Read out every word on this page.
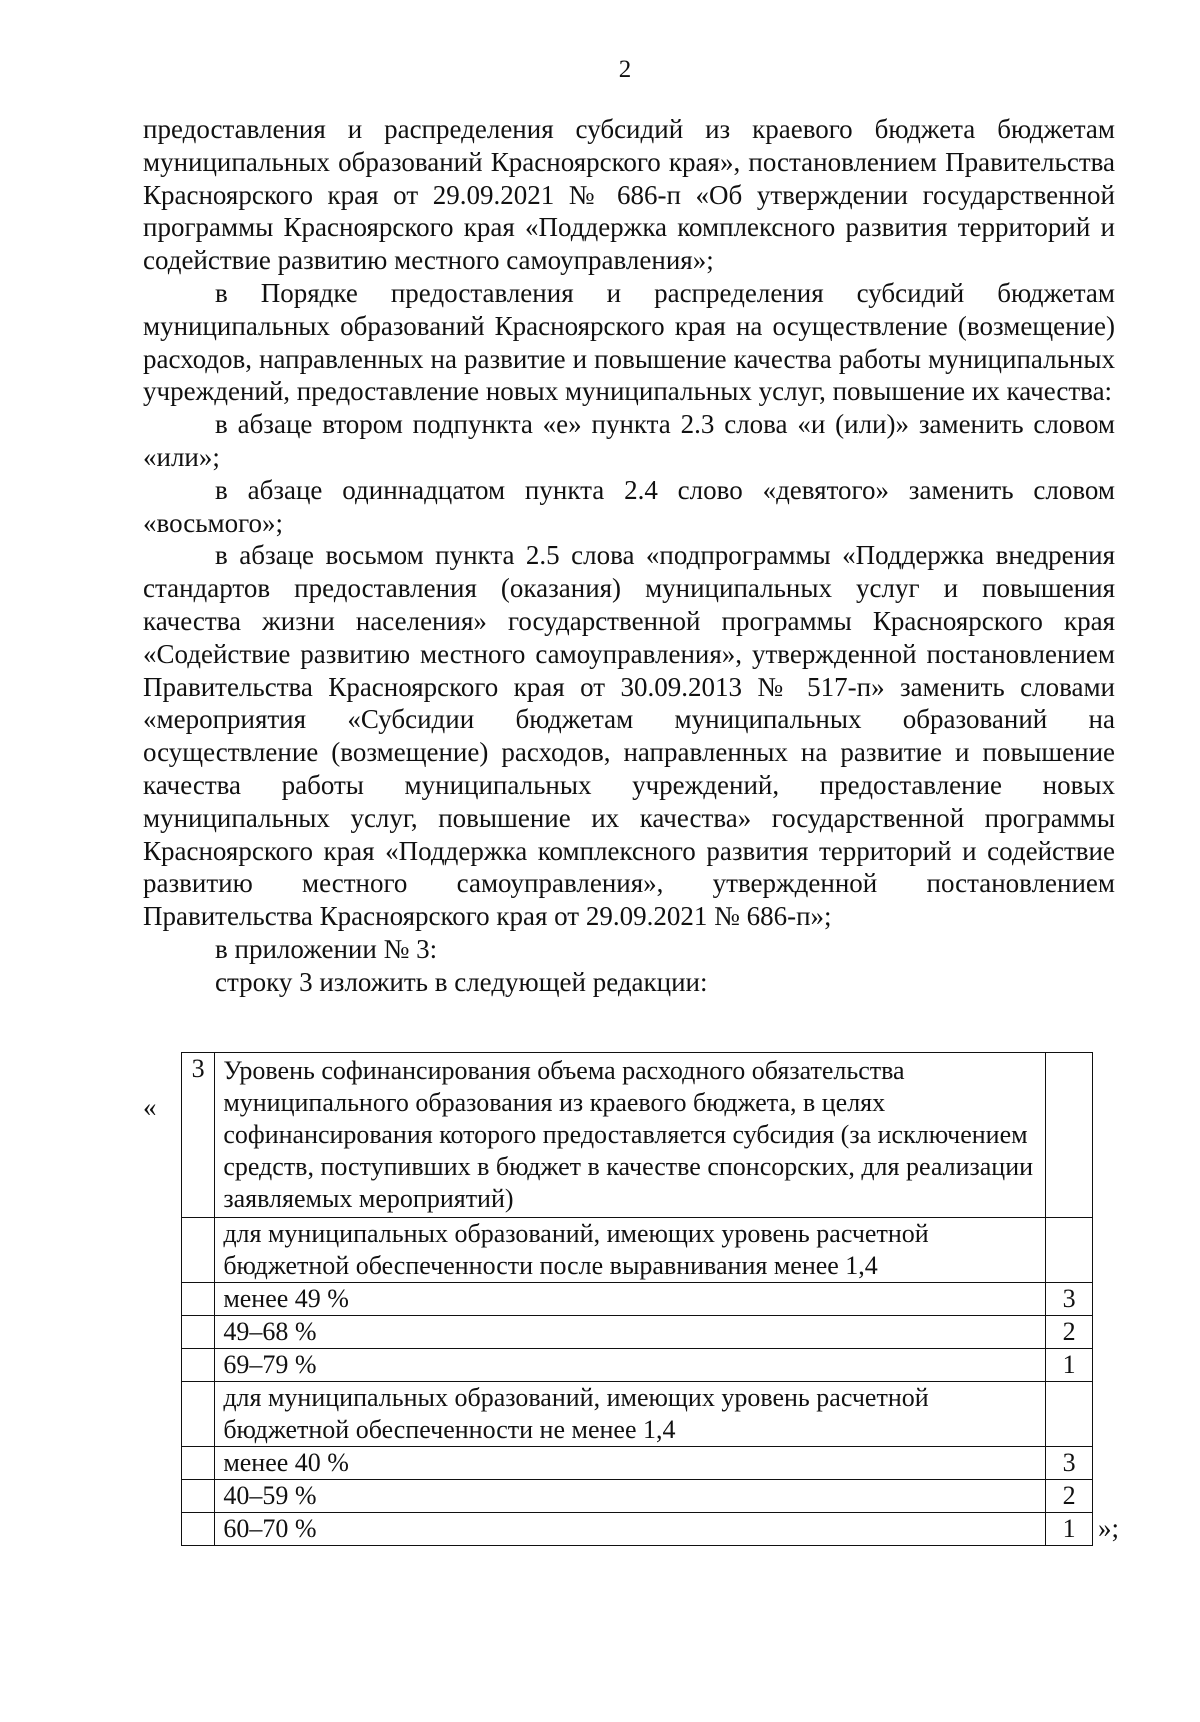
2

предоставления и распределения субсидий из краевого бюджета бюджетам муниципальных образований Красноярского края», постановлением Правительства Красноярского края от 29.09.2021 № 686-п «Об утверждении государственной программы Красноярского края «Поддержка комплексного развития территорий и содействие развитию местного самоуправления»;

в Порядке предоставления и распределения субсидий бюджетам муниципальных образований Красноярского края на осуществление (возмещение) расходов, направленных на развитие и повышение качества работы муниципальных учреждений, предоставление новых муниципальных услуг, повышение их качества:

в абзаце втором подпункта «е» пункта 2.3 слова «и (или)» заменить словом «или»;

в абзаце одиннадцатом пункта 2.4 слово «девятого» заменить словом «восьмого»;

в абзаце восьмом пункта 2.5 слова «подпрограммы «Поддержка внедрения стандартов предоставления (оказания) муниципальных услуг и повышения качества жизни населения» государственной программы Красноярского края «Содействие развитию местного самоуправления», утвержденной постановлением Правительства Красноярского края от 30.09.2013 № 517-п» заменить словами «мероприятия «Субсидии бюджетам муниципальных образований на осуществление (возмещение) расходов, направленных на развитие и повышение качества работы муниципальных учреждений, предоставление новых муниципальных услуг, повышение их качества» государственной программы Красноярского края «Поддержка комплексного развития территорий и содействие развитию местного самоуправления», утвержденной постановлением Правительства Красноярского края от 29.09.2021 № 686-п»;

в приложении № 3:

строку 3 изложить в следующей редакции:

«
3	Уровень софинансирования объема расходного обязательства муниципального образования из краевого бюджета, в целях софинансирования которого предоставляется субсидия (за исключением средств, поступивших в бюджет в качестве спонсорских, для реализации заявляемых мероприятий)	
	для муниципальных образований, имеющих уровень расчетной бюджетной обеспеченности после выравнивания менее 1,4	
	менее 49 %	3
	49–68 %	2
	69–79 %	1
	для муниципальных образований, имеющих уровень расчетной бюджетной обеспеченности не менее 1,4	
	менее 40 %	3
	40–59 %	2
	60–70 %	1 »;
